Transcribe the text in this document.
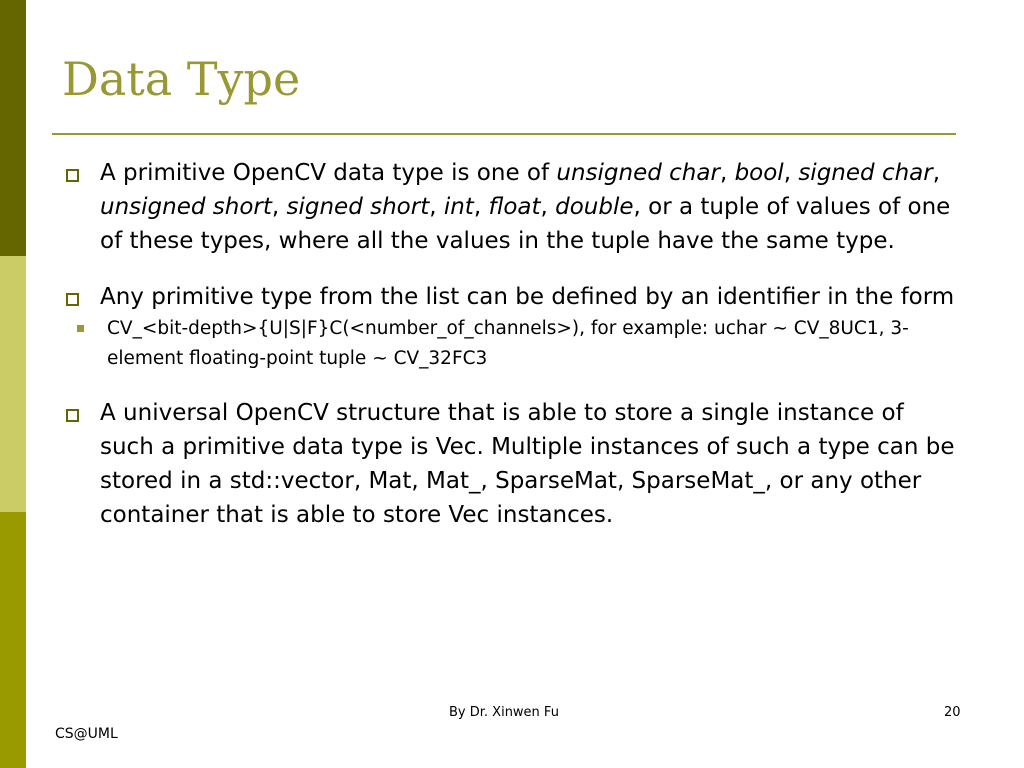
Data Type
A primitive OpenCV data type is one of unsigned char, bool, signed char, unsigned short, signed short, int, float, double, or a tuple of values of one of these types, where all the values in the tuple have the same type.
Any primitive type from the list can be defined by an identifier in the form
CV_<bit-depth>{U|S|F}C(<number_of_channels>), for example: uchar ~ CV_8UC1, 3-element floating-point tuple ~ CV_32FC3
A universal OpenCV structure that is able to store a single instance of such a primitive data type is Vec. Multiple instances of such a type can be stored in a std::vector, Mat, Mat_, SparseMat, SparseMat_, or any other container that is able to store Vec instances.
By Dr. Xinwen Fu	20
CS@UML
